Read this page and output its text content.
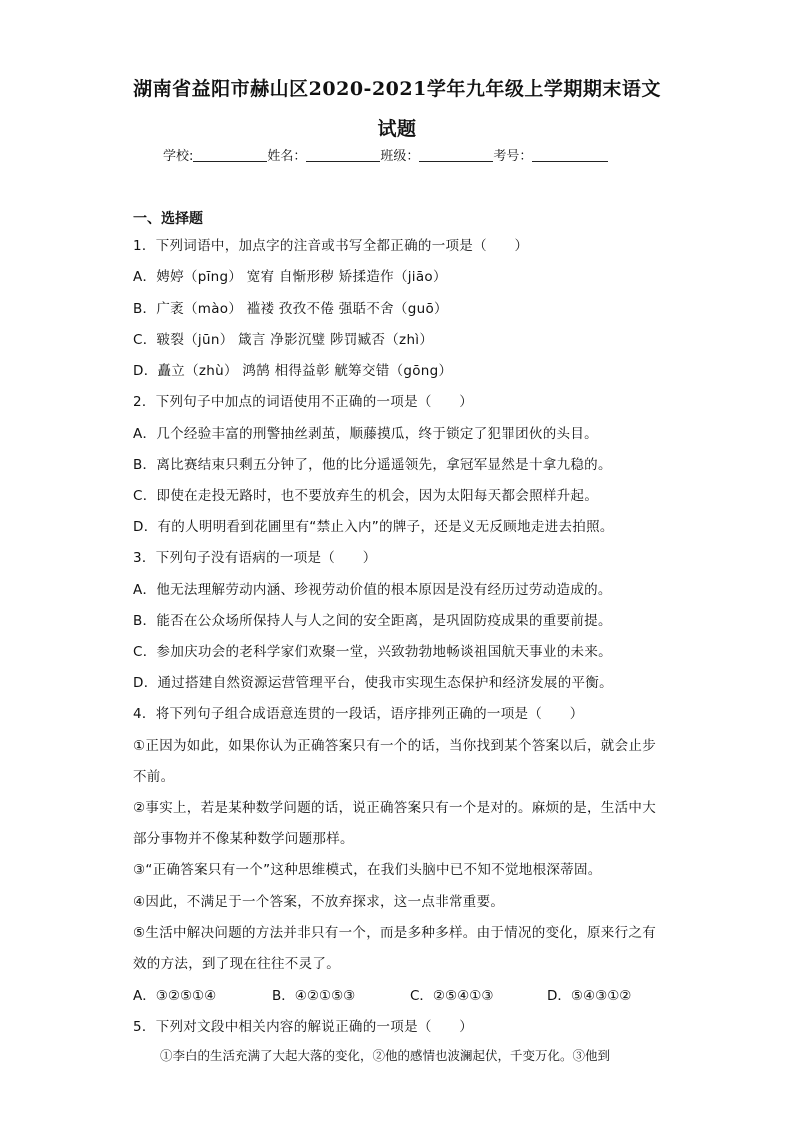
湖南省益阳市赫山区2020-2021学年九年级上学期期末语文
试题
学校:	姓名：	班级：	考号：
一、选择题
1．下列词语中，加点字的注音或书写全都正确的一项是（　　）
A．娉婷（pīng） 宽宥 自惭形秽 矫揉造作（jiāo）
B．广袤（mào） 褴褛 孜孜不倦 强聒不舍（guō）
C．皲裂（jūn） 箴言 净影沉璧 陟罚臧否（zhì）
D．矗立（zhù） 鸿鹄 相得益彰 觥筹交错（gōng）
2．下列句子中加点的词语使用不正确的一项是（　　）
A．几个经验丰富的刑警抽丝剥茧，顺藤摸瓜，终于锁定了犯罪团伙的头目。
B．离比赛结束只剩五分钟了，他的比分遥遥领先，拿冠军显然是十拿九稳的。
C．即使在走投无路时，也不要放弃生的机会，因为太阳每天都会照样升起。
D．有的人明明看到花圃里有“禁止入内”的牌子，还是义无反顾地走进去拍照。
3．下列句子没有语病的一项是（　　）
A．他无法理解劳动内涵、珍视劳动价值的根本原因是没有经历过劳动造成的。
B．能否在公众场所保持人与人之间的安全距离，是巩固防疫成果的重要前提。
C．参加庆功会的老科学家们欢聚一堂，兴致勃勃地畅谈祖国航天事业的未来。
D．通过搭建自然资源运营管理平台，使我市实现生态保护和经济发展的平衡。
4．将下列句子组合成语意连贯的一段话，语序排列正确的一项是（　　）
①正因为如此，如果你认为正确答案只有一个的话，当你找到某个答案以后，就会止步
不前。
②事实上，若是某种数学问题的话，说正确答案只有一个是对的。麻烦的是，生活中大
部分事物并不像某种数学问题那样。
③“正确答案只有一个”这种思维模式，在我们头脑中已不知不觉地根深蒂固。
④因此，不满足于一个答案，不放弃探求，这一点非常重要。
⑤生活中解决问题的方法并非只有一个，而是多种多样。由于情况的变化，原来行之有
效的方法，到了现在往往不灵了。
A．③②⑤①④	B．④②①⑤③	C．②⑤④①③	D．⑤④③①②
5．下列对文段中相关内容的解说正确的一项是（　　）
①李白的生活充满了大起大落的变化，②他的感情也波澜起伏，千变万化。③他到
